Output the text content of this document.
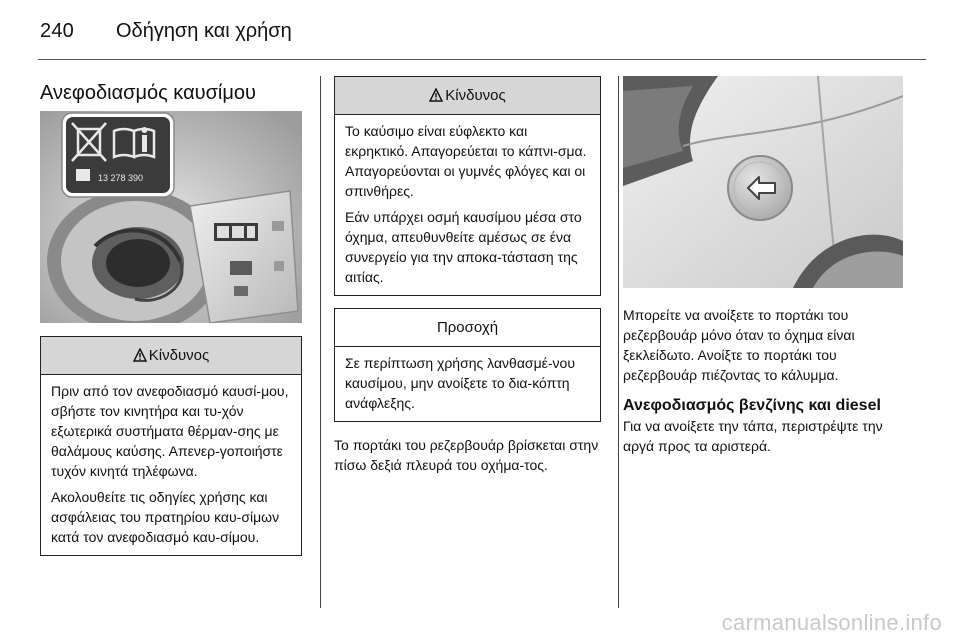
240 Οδήγηση και χρήση
Ανεφοδιασμός καυσίμου
13 278 390
Κίνδυνος

Πριν από τον ανεφοδιασμό καυσί-μου, σβήστε τον κινητήρα και τυ-χόν εξωτερικά συστήματα θέρμαν-σης με θαλάμους καύσης. Απενερ-γοποιήστε τυχόν κινητά τηλέφωνα.

Ακολουθείτε τις οδηγίες χρήσης και ασφάλειας του πρατηρίου καυ-σίμων κατά τον ανεφοδιασμό καυ-σίμου.

Κίνδυνος

Το καύσιμο είναι εύφλεκτο και εκρηκτικό. Απαγορεύεται το κάπνι-σμα. Απαγορεύονται οι γυμνές φλόγες και οι σπινθήρες.

Εάν υπάρχει οσμή καυσίμου μέσα στο όχημα, απευθυνθείτε αμέσως σε ένα συνεργείο για την αποκα-τάσταση της αιτίας.

Προσοχή

Σε περίπτωση χρήσης λανθασμέ-νου καυσίμου, μην ανοίξετε το δια-κόπτη ανάφλεξης.

Το πορτάκι του ρεζερβουάρ βρίσκεται στην πίσω δεξιά πλευρά του οχήμα-τος.

Μπορείτε να ανοίξετε το πορτάκι του ρεζερβουάρ μόνο όταν το όχημα είναι ξεκλείδωτο. Ανοίξτε το πορτάκι του ρεζερβουάρ πιέζοντας το κάλυμμα.

Ανεφοδιασμός βενζίνης και diesel

Για να ανοίξετε την τάπα, περιστρέψτε την αργά προς τα αριστερά.

carmanualsonline.info
